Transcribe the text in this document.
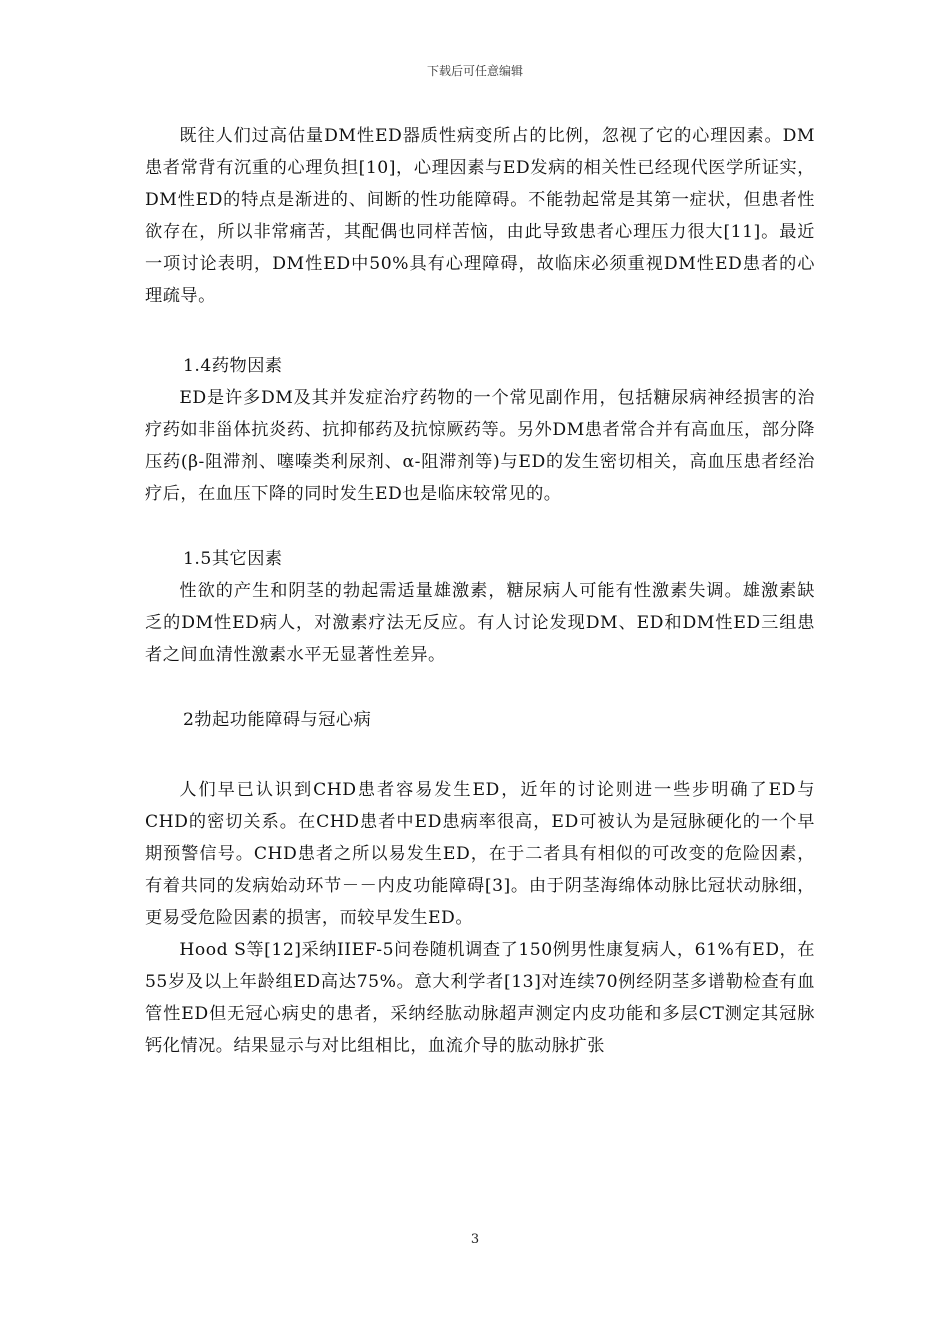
下载后可任意编辑

既往人们过高估量DM性ED器质性病变所占的比例，忽视了它的心理因素。DM患者常背有沉重的心理负担[10]，心理因素与ED发病的相关性已经现代医学所证实，DM性ED的特点是渐进的、间断的性功能障碍。不能勃起常是其第一症状，但患者性欲存在，所以非常痛苦，其配偶也同样苦恼，由此导致患者心理压力很大[11]。最近一项讨论表明，DM性ED中50%具有心理障碍，故临床必须重视DM性ED患者的心理疏导。

1.4药物因素

ED是许多DM及其并发症治疗药物的一个常见副作用，包括糖尿病神经损害的治疗药如非甾体抗炎药、抗抑郁药及抗惊厥药等。另外DM患者常合并有高血压，部分降压药(β-阻滞剂、噻嗪类利尿剂、α-阻滞剂等)与ED的发生密切相关，高血压患者经治疗后，在血压下降的同时发生ED也是临床较常见的。

1.5其它因素

性欲的产生和阴茎的勃起需适量雄激素，糖尿病人可能有性激素失调。雄激素缺乏的DM性ED病人，对激素疗法无反应。有人讨论发现DM、ED和DM性ED三组患者之间血清性激素水平无显著性差异。

2勃起功能障碍与冠心病

人们早已认识到CHD患者容易发生ED，近年的讨论则进一些步明确了ED与CHD的密切关系。在CHD患者中ED患病率很高，ED可被认为是冠脉硬化的一个早期预警信号。CHD患者之所以易发生ED，在于二者具有相似的可改变的危险因素，有着共同的发病始动环节－－内皮功能障碍[3]。由于阴茎海绵体动脉比冠状动脉细，更易受危险因素的损害，而较早发生ED。

Hood S等[12]采纳IIEF-5问卷随机调查了150例男性康复病人，61%有ED，在55岁及以上年龄组ED高达75%。意大利学者[13]对连续70例经阴茎多谱勒检查有血管性ED但无冠心病史的患者，采纳经肱动脉超声测定内皮功能和多层CT测定其冠脉钙化情况。结果显示与对比组相比，血流介导的肱动脉扩张

3
